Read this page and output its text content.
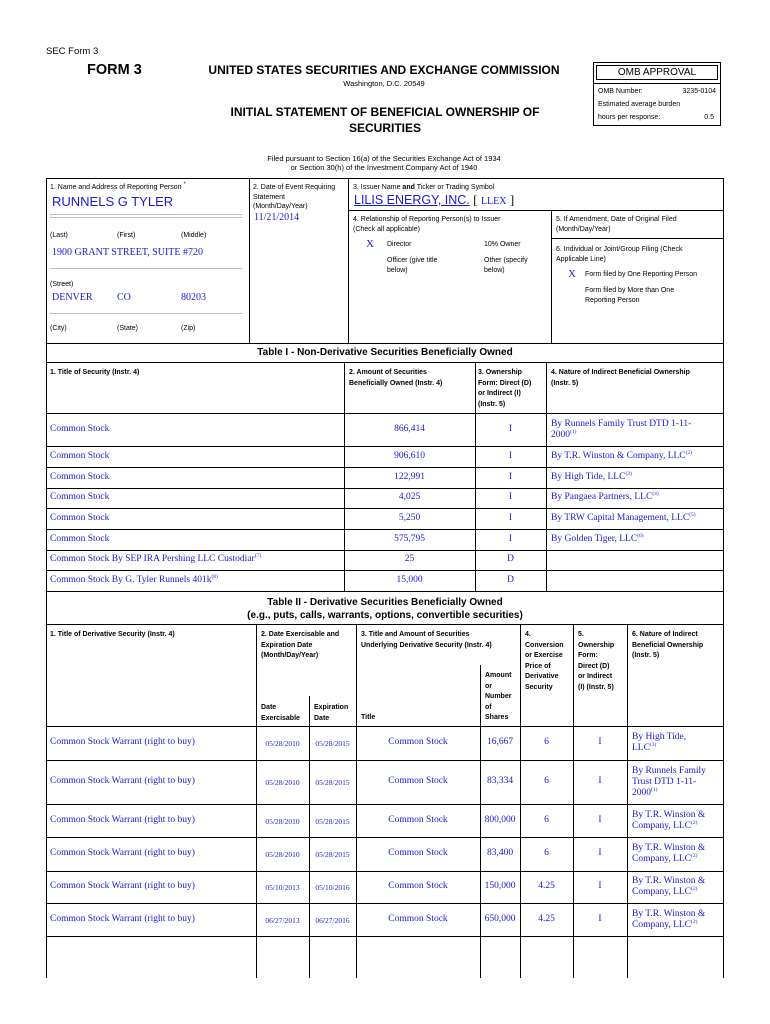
SEC Form 3
FORM 3	UNITED STATES SECURITIES AND EXCHANGE COMMISSION
Washington, D.C. 20549
INITIAL STATEMENT OF BENEFICIAL OWNERSHIP OF SECURITIES
OMB APPROVAL
OMB Number:	3235-0104
Estimated average burden
hours per response:	0.5
Filed pursuant to Section 16(a) of the Securities Exchange Act of 1934
or Section 30(h) of the Investment Company Act of 1940
1. Name and Address of Reporting Person *
RUNNELS G TYLER
(Last)	(First)	(Middle)
1900 GRANT STREET, SUITE #720
(Street)
DENVER CO	80203
(City)	(State)	(Zip)
2. Date of Event Requiring
Statement
(Month/Day/Year)
11/21/2014
3. Issuer Name and Ticker or Trading Symbol
LILIS ENERGY, INC. [ LLEX ]
4. Relationship of Reporting Person(s) to Issuer
(Check all applicable)
X Director	10% Owner
Officer (give title
below)
Other (specify
below)
5. If Amendment, Date of Original Filed
(Month/Day/Year)
6. Individual or Joint/Group Filing (Check
Applicable Line)
X Form filed by One Reporting Person
Form filed by More than One
Reporting Person
Table I - Non-Derivative Securities Beneficially Owned
1. Title of Security (Instr. 4)	2. Amount of Securities
Beneficially Owned (Instr. 4)
3. Ownership
Form: Direct (D)
or Indirect (I)
(Instr. 5)
4. Nature of Indirect Beneficial Ownership
(Instr. 5)
Common Stock	866,414	I	By Runnels Family Trust DTD 1-11-
2000$^{(1)}$
Common Stock	906,610	I	By T.R. Winston & Company, LLC$^{(2)}$
Common Stock	122,991	I	By High Tide, LLC$^{(3)}$
Common Stock	4,025	I	By Pangaea Partners, LLC$^{(4)}$
Common Stock	5,250	I	By TRW Capital Management, LLC$^{(5)}$
Common Stock	575,795	I	By Golden Tiger, LLC$^{(6)}$
Common Stock By SEP IRA Pershing LLC Custodiar$^{(7)}$	25	D
Common Stock By G. Tyler Runnels $401k^{(8)}$	15,000	D
Table II - Derivative Securities Beneficially Owned
(e.g., puts, calls, warrants, options, convertible securities)
1. Title of Derivative Security (Instr. 4)	2. Date Exercisable and
Expiration Date
(Month/Day/Year)
3. Title and Amount of Securities
Underlying Derivative Security (Instr. 4)
4.
Conversion
or Exercise
Price of
Derivative
Security
5.
Ownership
Form:
Direct (D)
or Indirect
(I) (Instr. 5)
6. Nature of Indirect
Beneficial Ownership
(Instr. 5)
Date
Exercisable
Expiration
Date	Title
Amount
or
Number
of
Shares
Common Stock Warrant (right to buy)	05/28/2010	05/28/2015	Common Stock	16,667	6	I	By High Tide,
LLC$^{(3)}$
Common Stock Warrant (right to buy)	05/28/2010	05/28/2015	Common Stock	83,334	6	I
By Runnels Family
Trust DTD 1-11-
2000$^{(1)}$
Common Stock Warrant (right to buy)	05/28/2010	05/28/2015	Common Stock	800,000	6	I	By T.R. Winston &
Company, LLC$^{(2)}$
Common Stock Warrant (right to buy)	05/28/2010	05/28/2015	Common Stock	83,400	6	I	By T.R. Winston &
Company, LLC$^{(2)}$
Common Stock Warrant (right to buy)	05/10/2013	05/10/2016	Common Stock	150,000	4.25	I	By T.R. Winston &
Company, LLC$^{(2)}$
Common Stock Warrant (right to buy)	06/27/2013	06/27/2016	Common Stock	650,000	4.25	I	By T.R. Winston &
Company, LLC$^{(2)}$
